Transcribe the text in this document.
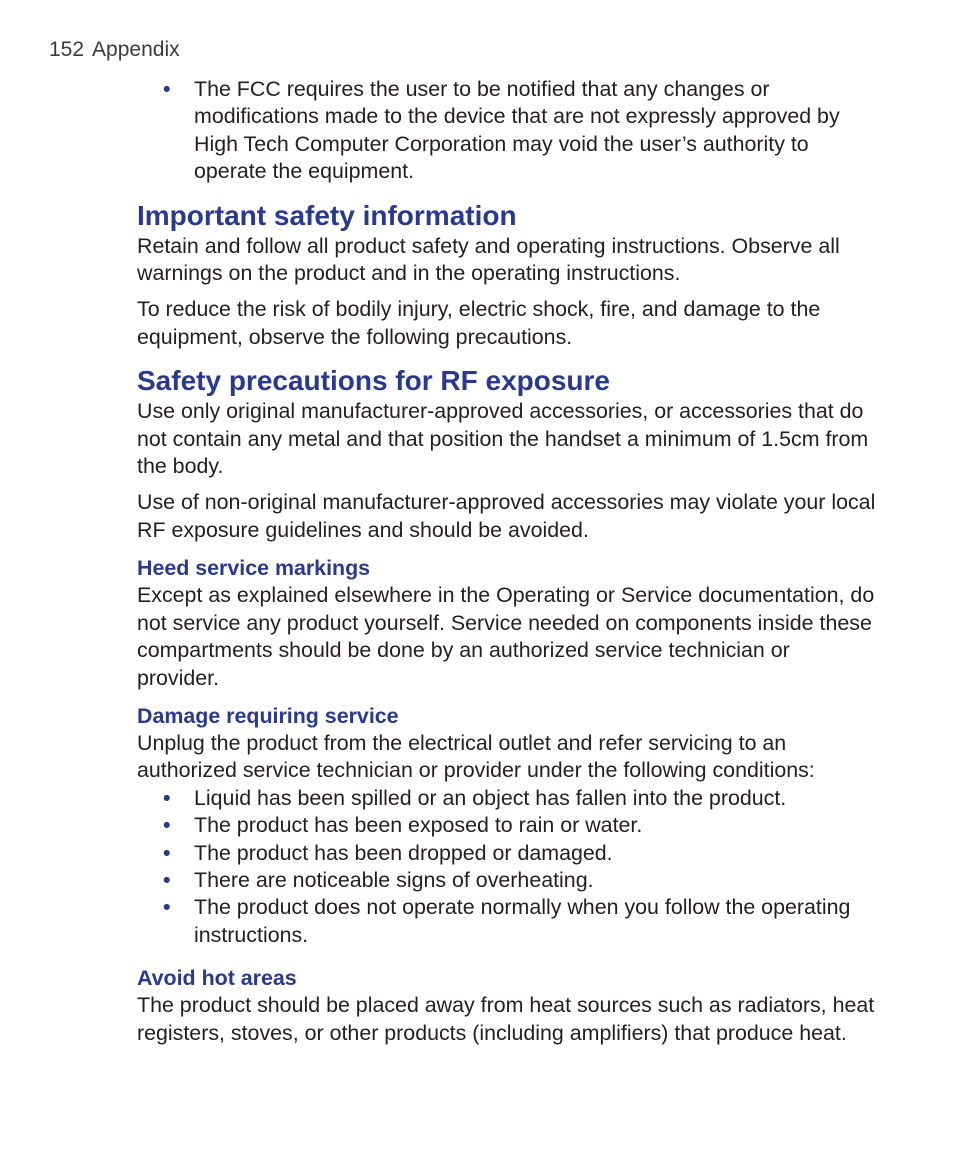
152 Appendix
• The FCC requires the user to be notified that any changes or modifications made to the device that are not expressly approved by High Tech Computer Corporation may void the user’s authority to operate the equipment.
Important safety information

Retain and follow all product safety and operating instructions. Observe all warnings on the product and in the operating instructions.

To reduce the risk of bodily injury, electric shock, fire, and damage to the equipment, observe the following precautions.

Safety precautions for RF exposure

Use only original manufacturer-approved accessories, or accessories that do not contain any metal and that position the handset a minimum of 1.5cm from the body.

Use of non-original manufacturer-approved accessories may violate your local RF exposure guidelines and should be avoided.

Heed service markings

Except as explained elsewhere in the Operating or Service documentation, do not service any product yourself. Service needed on components inside these compartments should be done by an authorized service technician or provider.

Damage requiring service

Unplug the product from the electrical outlet and refer servicing to an authorized service technician or provider under the following conditions:

• Liquid has been spilled or an object has fallen into the product.
• The product has been exposed to rain or water.
• The product has been dropped or damaged.
• There are noticeable signs of overheating.
• The product does not operate normally when you follow the operating instructions.
Avoid hot areas

The product should be placed away from heat sources such as radiators, heat registers, stoves, or other products (including amplifiers) that produce heat.
